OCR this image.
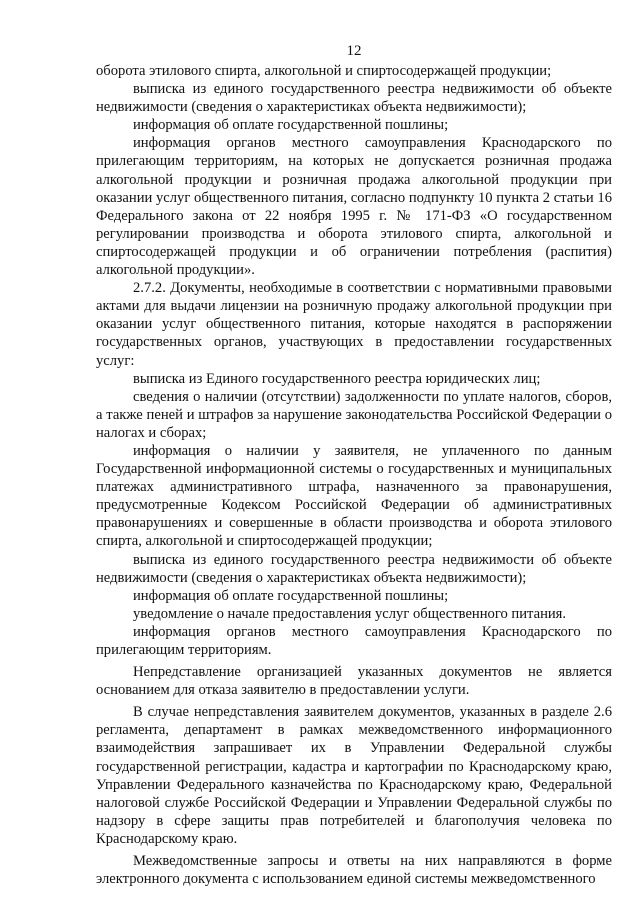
12

оборота этилового спирта, алкогольной и спиртосодержащей продукции;

выписка из единого государственного реестра недвижимости об объекте недвижимости (сведения о характеристиках объекта недвижимости);

информация об оплате государственной пошлины;

информация органов местного самоуправления Краснодарского по прилегающим территориям, на которых не допускается розничная продажа алкогольной продукции и розничная продажа алкогольной продукции при оказании услуг общественного питания, согласно подпункту 10 пункта 2 статьи 16 Федерального закона от 22 ноября 1995 г. № 171-ФЗ «О государственном регулировании производства и оборота этилового спирта, алкогольной и спиртосодержащей продукции и об ограничении потребления (распития) алкогольной продукции».

2.7.2. Документы, необходимые в соответствии с нормативными правовыми актами для выдачи лицензии на розничную продажу алкогольной продукции при оказании услуг общественного питания, которые находятся в распоряжении государственных органов, участвующих в предоставлении государственных услуг:

выписка из Единого государственного реестра юридических лиц;

сведения о наличии (отсутствии) задолженности по уплате налогов, сборов, а также пеней и штрафов за нарушение законодательства Российской Федерации о налогах и сборах;

информация о наличии у заявителя, не уплаченного по данным Государственной информационной системы о государственных и муниципальных платежах административного штрафа, назначенного за правонарушения, предусмотренные Кодексом Российской Федерации об административных правонарушениях и совершенные в области производства и оборота этилового спирта, алкогольной и спиртосодержащей продукции;

выписка из единого государственного реестра недвижимости об объекте недвижимости (сведения о характеристиках объекта недвижимости);

информация об оплате государственной пошлины;

уведомление о начале предоставления услуг общественного питания.

информация органов местного самоуправления Краснодарского по прилегающим территориям.

Непредставление организацией указанных документов не является основанием для отказа заявителю в предоставлении услуги.

В случае непредставления заявителем документов, указанных в разделе 2.6 регламента, департамент в рамках межведомственного информационного взаимодействия запрашивает их в Управлении Федеральной службы государственной регистрации, кадастра и картографии по Краснодарскому краю, Управлении Федерального казначейства по Краснодарскому краю, Федеральной налоговой службе Российской Федерации и Управлении Федеральной службы по надзору в сфере защиты прав потребителей и благополучия человека по Краснодарскому краю.

Межведомственные запросы и ответы на них направляются в форме электронного документа с использованием единой системы межведомственного
